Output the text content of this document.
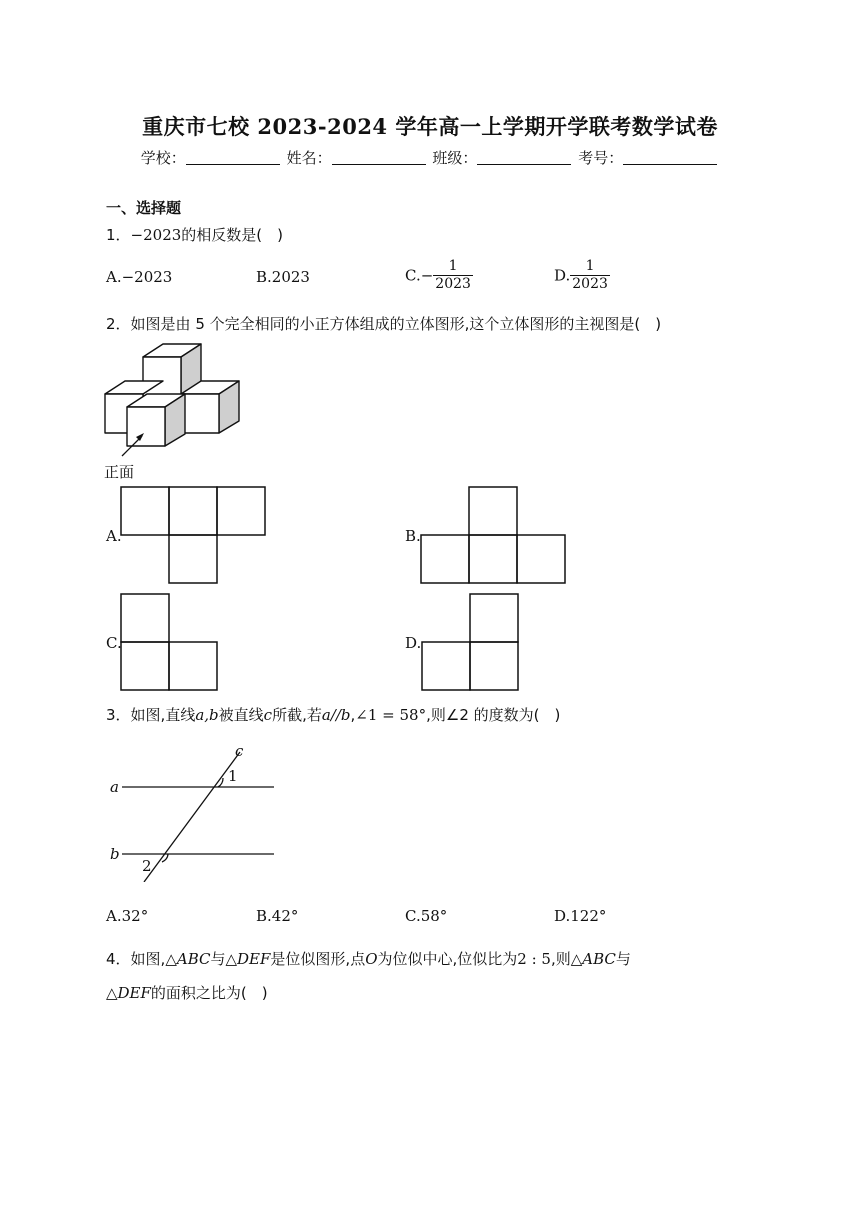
重庆市七校 2023-2024 学年高一上学期开学联考数学试卷
学校：	姓名：	班级：	考号：
一、选择题
1．−2023的相反数是(　)
A.−2023	B.2023	$C.- \frac{1}{2023}$	D. $\frac{1}{2023}$
2．如图是由 5 个完全相同的小正方体组成的立体图形,这个立体图形的主视图是(　)
正面
A.	B.
C.	D.
3．如图,直线a,b被直线c所截,若a//b,∠1 = 58°,则∠2 的度数为(　)
a
b
c
1
2
A.32°	B.42°	C.58°	D.122°
4．如图,△ABC与△DEF是位似图形,点O为位似中心,位似比为2 : 5,则△ABC与
△DEF的面积之比为(　)
